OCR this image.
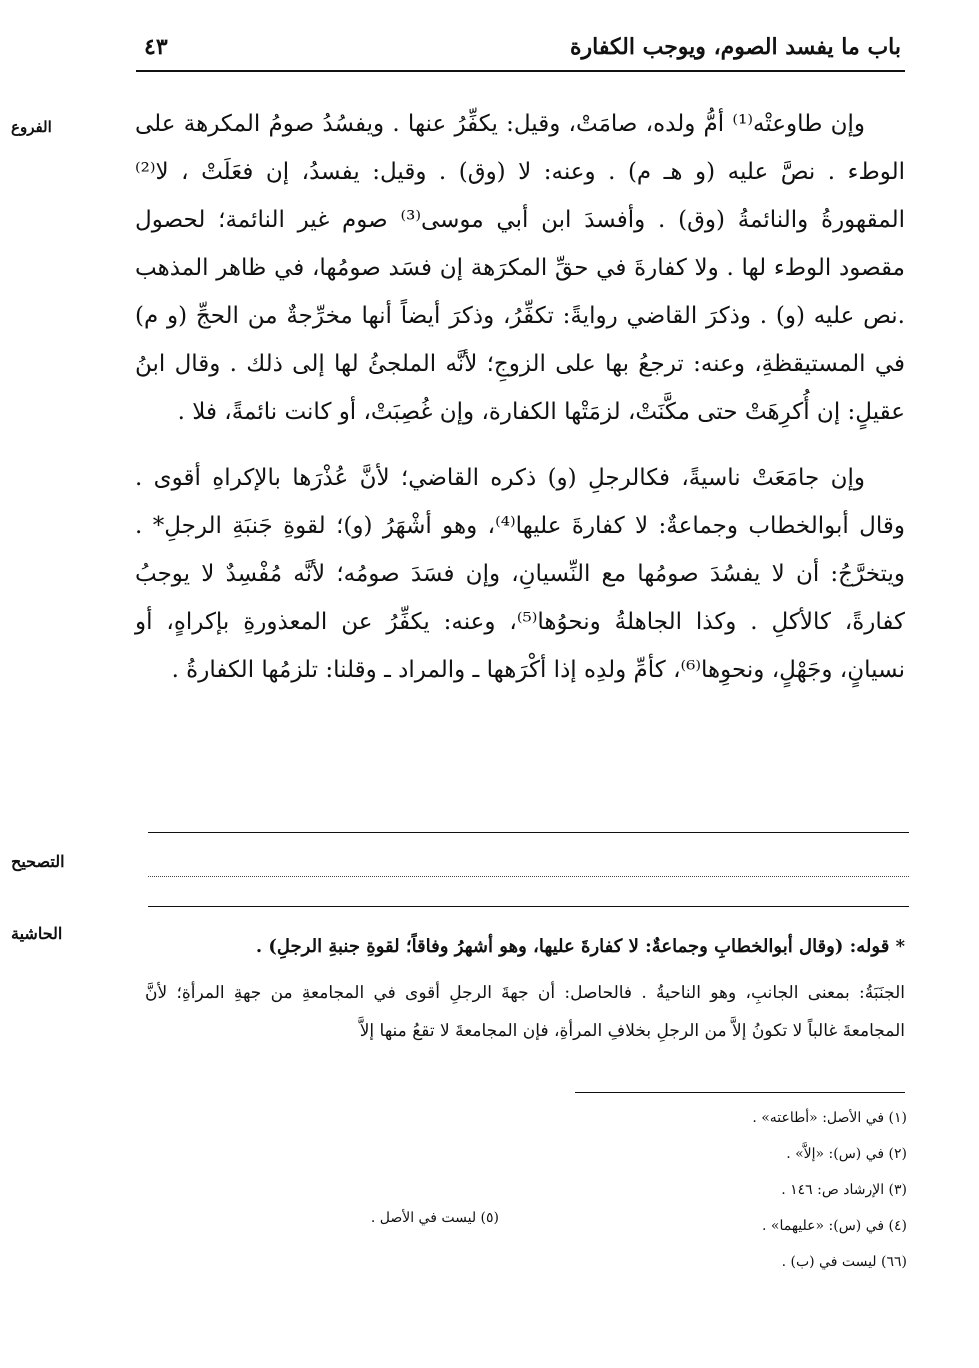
باب ما يفسد الصوم، ويوجب الكفارة
٤٣
الفروع
التصحيح
الحاشية

وإن طاوعتْه⁽¹⁾ أمُّ ولده، صامَتْ، وقيل: يكفِّرُ عنها . ويفسُدُ صومُ المكرهة على الوطء . نصَّ عليه (و هـ م) . وعنه: لا (وق) . وقيل: يفسدُ، إن فعَلَتْ ، لا⁽²⁾ المقهورةُ والنائمةُ (وق) . وأفسدَ ابن أبي موسى⁽³⁾ صوم غير النائمة؛ لحصول مقصود الوطء لها . ولا كفارةَ في حقِّ المكرَهة إن فسَد صومُها، في ظاهر المذهب .نص عليه (و) . وذكرَ القاضي روايةً: تكفِّرُ، وذكرَ أيضاً أنها مخرِّجةٌ من الحجِّ (و م) في المستيقظةِ، وعنه: ترجعُ بها على الزوجِ؛ لأنَّه الملجئُ لها إلى ذلك . وقال ابنُ عقيلٍ: إن أُكرِهَتْ حتى مكَّنَتْ، لزمَتْها الكفارة، وإن غُصِبَتْ، أو كانت نائمةً، فلا .

وإن جامَعَتْ ناسيةً، فكالرجلِ (و) ذكره القاضي؛ لأنَّ عُذْرَها بالإكراهِ أقوى . وقال أبوالخطاب وجماعةٌ: لا كفارةَ عليها⁽⁴⁾، وهو أشْهَرُ (و)؛ لقوةِ جَنبَةِ الرجلِ* . ويتخرَّجُ: أن لا يفسُدَ صومُها مع النِّسيانِ، وإن فسَدَ صومُه؛ لأنَّه مُفْسِدٌ لا يوجبُ كفارةً، كالأكلِ . وكذا الجاهلةُ ونحوُها⁽⁵⁾، وعنه: يكفِّرُ عن المعذورةِ بإكراهٍ، أو نسيانٍ، وجَهْلٍ، ونحوِها⁽⁶⁾، كأمِّ ولدِه إذا أكْرَهها ـ والمراد ـ وقلنا: تلزمُها الكفارةُ .

* قوله: (وقال أبوالخطابِ وجماعةٌ: لا كفارةَ عليها، وهو أشهرُ وفاقاً؛ لقوةِ جنبةِ الرجلِ) .

الجنَبَةُ: بمعنى الجانبِ، وهو الناحيةُ . فالحاصل: أن جهةَ الرجلِ أقوى في المجامعةِ من جهةِ المرأةِ؛ لأنَّ المجامعةَ غالباً لا تكونُ إلاَّ من الرجلِ بخلافِ المرأةِ، فإن المجامعةَ لا تقعُ منها إلاَّ

(١) في الأصل: «أطاعته» .
(٢) في (س): «إلاَّ» .
(٣) الإرشاد ص: ١٤٦ .
(٤) في (س): «عليهما» .
(٦٦) ليست في (ب) .
(٥) ليست في الأصل .
